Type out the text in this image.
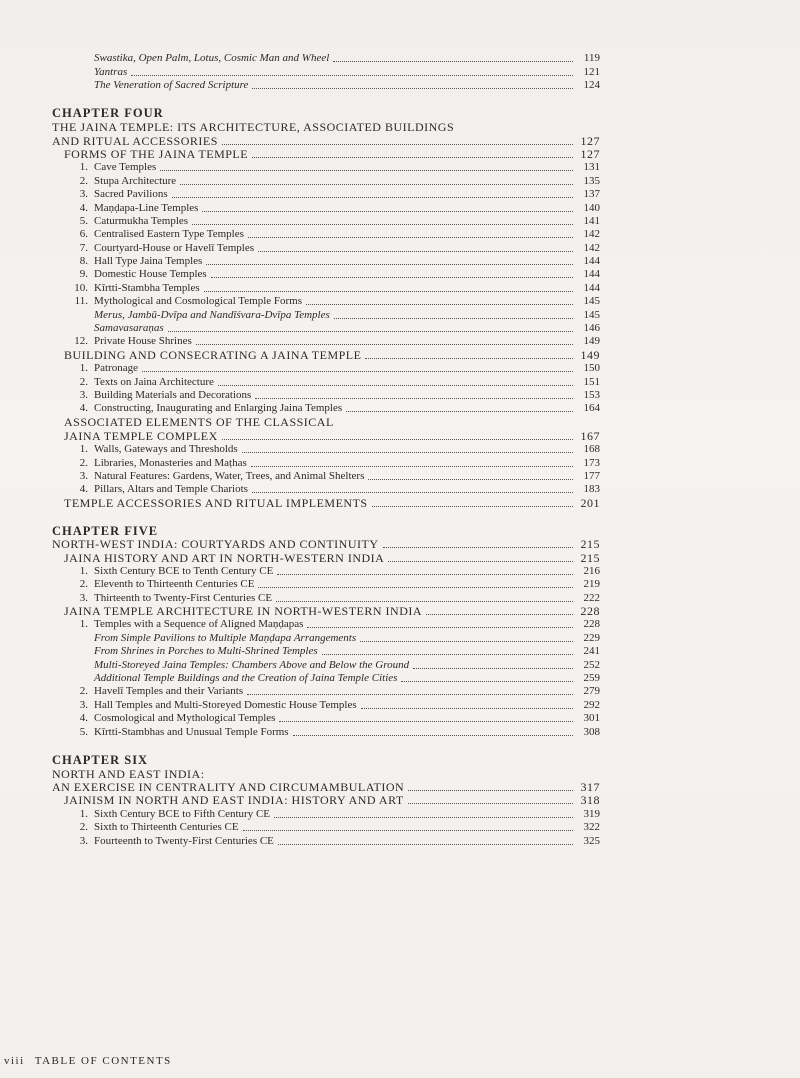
Swastika, Open Palm, Lotus, Cosmic Man and Wheel	119
Yantras	121
The Veneration of Sacred Scripture	124
CHAPTER FOUR
THE JAINA TEMPLE: ITS ARCHITECTURE, ASSOCIATED BUILDINGS
AND RITUAL ACCESSORIES	127
FORMS OF THE JAINA TEMPLE	127
1. Cave Temples	131
2. Stupa Architecture	135
3. Sacred Pavilions	137
4. Maṇḍapa-Line Temples	140
5. Caturmukha Temples	141
6. Centralised Eastern Type Temples	142
7. Courtyard-House or Havelī Temples	142
8. Hall Type Jaina Temples	144
9. Domestic House Temples	144
10. Kīrtti-Stambha Temples	144
11. Mythological and Cosmological Temple Forms	145
Merus, Jambū-Dvīpa and Nandīśvara-Dvīpa Temples	145
Samavasaraṇas	146
12. Private House Shrines	149
BUILDING AND CONSECRATING A JAINA TEMPLE	149
1. Patronage	150
2. Texts on Jaina Architecture	151
3. Building Materials and Decorations	153
4. Constructing, Inaugurating and Enlarging Jaina Temples	164
ASSOCIATED ELEMENTS OF THE CLASSICAL
JAINA TEMPLE COMPLEX	167
1. Walls, Gateways and Thresholds	168
2. Libraries, Monasteries and Maṭhas	173
3. Natural Features: Gardens, Water, Trees, and Animal Shelters	177
4. Pillars, Altars and Temple Chariots	183
TEMPLE ACCESSORIES AND RITUAL IMPLEMENTS	201
CHAPTER FIVE
NORTH-WEST INDIA: COURTYARDS AND CONTINUITY	215
JAINA HISTORY AND ART IN NORTH-WESTERN INDIA	215
1. Sixth Century BCE to Tenth Century CE	216
2. Eleventh to Thirteenth Centuries CE	219
3. Thirteenth to Twenty-First Centuries CE	222
JAINA TEMPLE ARCHITECTURE IN NORTH-WESTERN INDIA	228
1. Temples with a Sequence of Aligned Maṇḍapas	228
From Simple Pavilions to Multiple Maṇḍapa Arrangements	229
From Shrines in Porches to Multi-Shrined Temples	241
Multi-Storeyed Jaina Temples: Chambers Above and Below the Ground	252
Additional Temple Buildings and the Creation of Jaina Temple Cities	259
2. Havelī Temples and their Variants	279
3. Hall Temples and Multi-Storeyed Domestic House Temples	292
4. Cosmological and Mythological Temples	301
5. Kīrtti-Stambhas and Unusual Temple Forms	308
CHAPTER SIX
NORTH AND EAST INDIA:
AN EXERCISE IN CENTRALITY AND CIRCUMAMBULATION	317
JAINISM IN NORTH AND EAST INDIA: HISTORY AND ART	318
1. Sixth Century BCE to Fifth Century CE	319
2. Sixth to Thirteenth Centuries CE	322
3. Fourteenth to Twenty-First Centuries CE	325
viii TABLE OF CONTENTS
